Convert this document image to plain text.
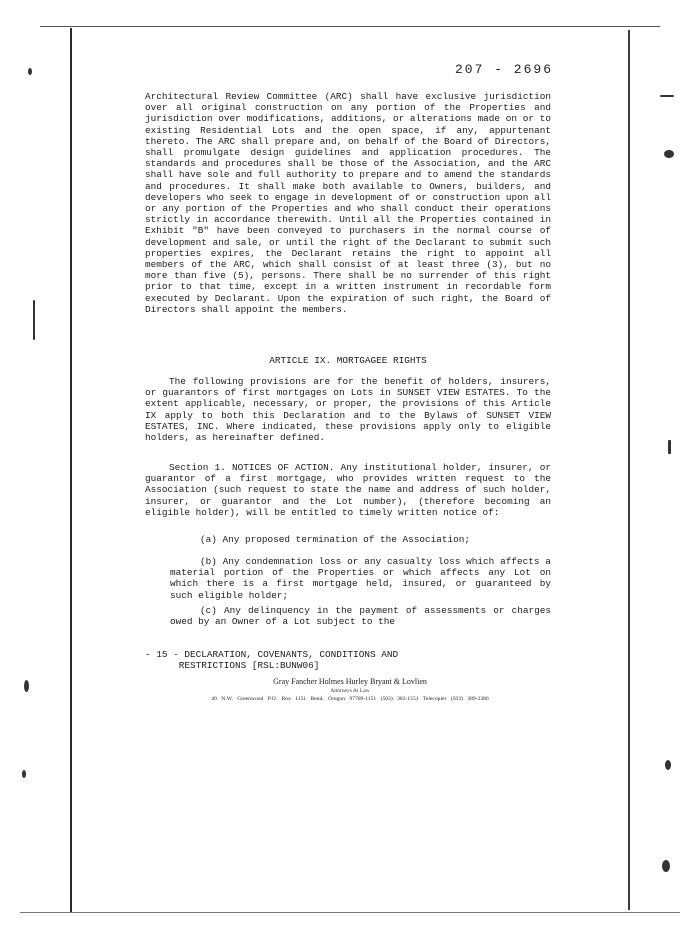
207 - 2696
Architectural Review Committee (ARC) shall have exclusive jurisdiction over all original construction on any portion of the Properties and jurisdiction over modifications, additions, or alterations made on or to existing Residential Lots and the open space, if any, appurtenant thereto. The ARC shall prepare and, on behalf of the Board of Directors, shall promulgate design guidelines and application procedures. The standards and procedures shall be those of the Association, and the ARC shall have sole and full authority to prepare and to amend the standards and procedures. It shall make both available to Owners, builders, and developers who seek to engage in development of or construction upon all or any portion of the Properties and who shall conduct their operations strictly in accordance therewith. Until all the Properties contained in Exhibit "B" have been conveyed to purchasers in the normal course of development and sale, or until the right of the Declarant to submit such properties expires, the Declarant retains the right to appoint all members of the ARC, which shall consist of at least three (3), but no more than five (5), persons. There shall be no surrender of this right prior to that time, except in a written instrument in recordable form executed by Declarant. Upon the expiration of such right, the Board of Directors shall appoint the members.
ARTICLE IX. MORTGAGEE RIGHTS
The following provisions are for the benefit of holders, insurers, or guarantors of first mortgages on Lots in SUNSET VIEW ESTATES. To the extent applicable, necessary, or proper, the provisions of this Article IX apply to both this Declaration and to the Bylaws of SUNSET VIEW ESTATES, INC. Where indicated, these provisions apply only to eligible holders, as hereinafter defined.
Section 1. NOTICES OF ACTION. Any institutional holder, insurer, or guarantor of a first mortgage, who provides written request to the Association (such request to state the name and address of such holder, insurer, or guarantor and the Lot number), (therefore becoming an eligible holder), will be entitled to timely written notice of:
(a) Any proposed termination of the Association;
(b) Any condemnation loss or any casualty loss which affects a material portion of the Properties or which affects any Lot on which there is a first mortgage held, insured, or guaranteed by such eligible holder;
(c) Any delinquency in the payment of assessments or charges owed by an Owner of a Lot subject to the
- 15 - DECLARATION, COVENANTS, CONDITIONS AND
RESTRICTIONS [RSL:BUNW06]
Gray Fancher Holmes Hurley Bryant & Lovlien
Attorneys At Law
40 N.W. Greenwood P.O. Box 1151 Bend, Oregon 97709-1151 (503) 382-1551 Telecopier (503) 389-3386
